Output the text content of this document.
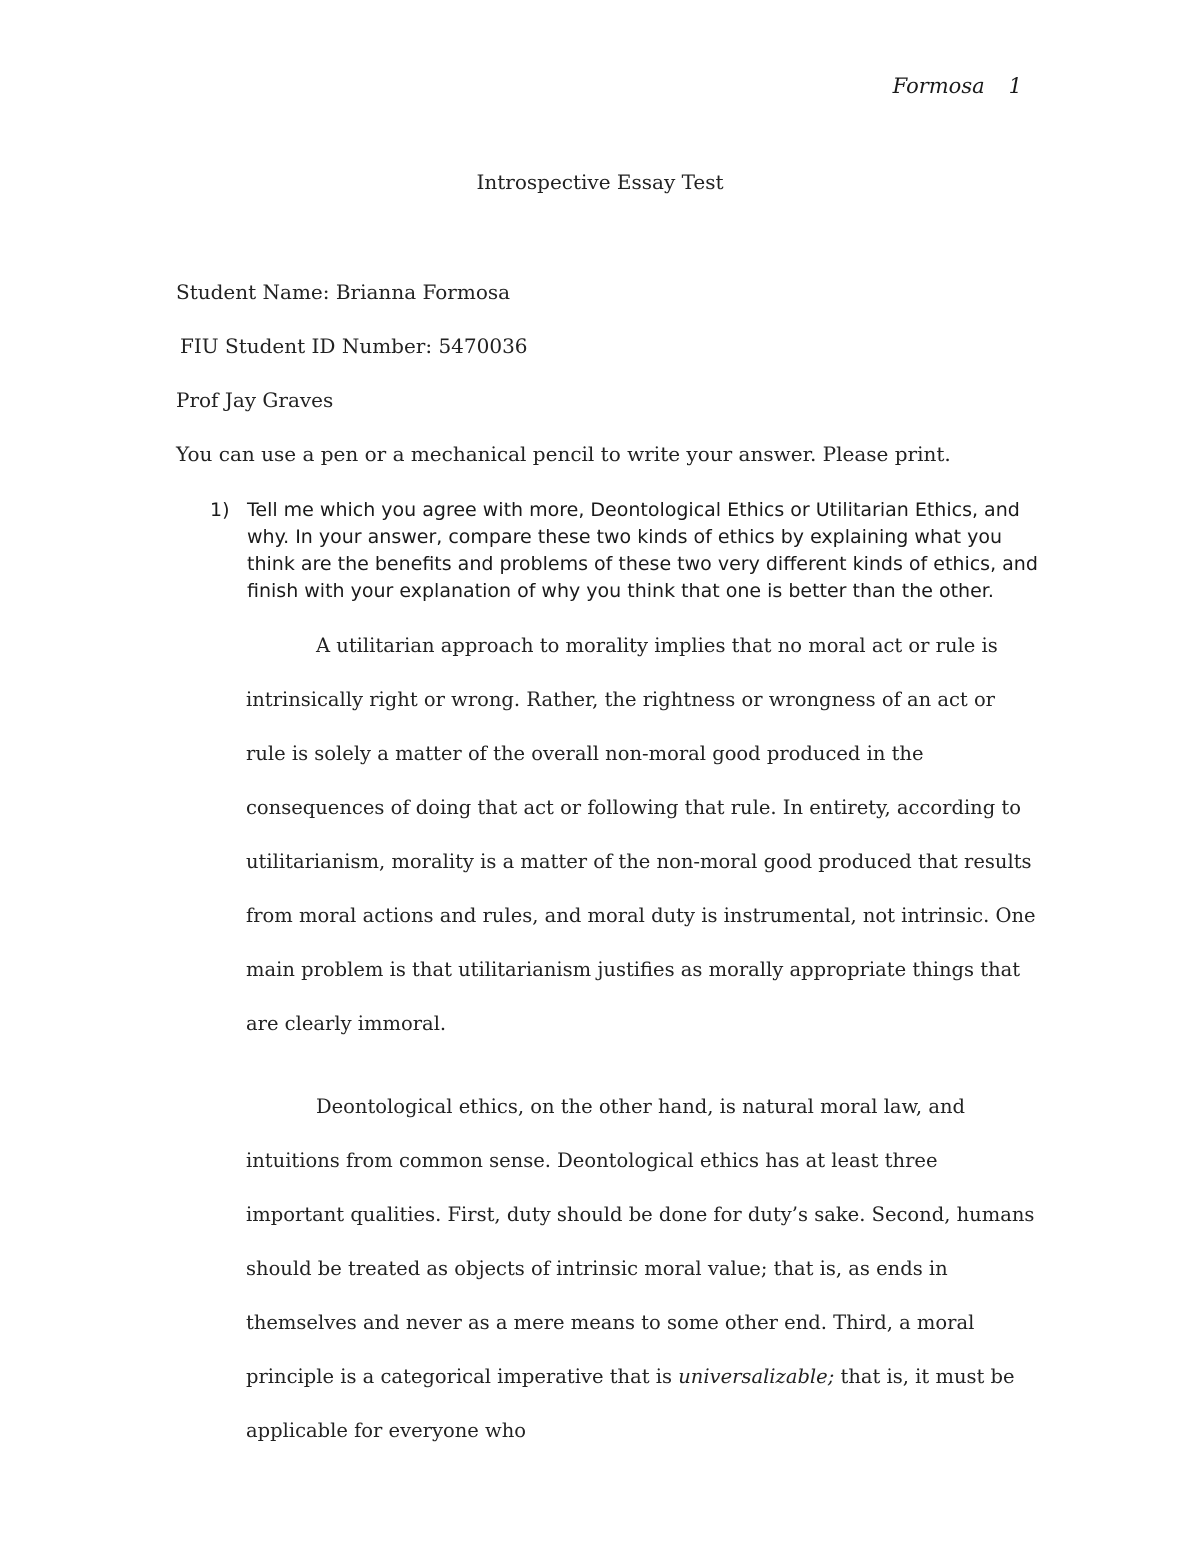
Formosa 1
Introspective Essay Test
Student Name: Brianna Formosa
FIU Student ID Number: 5470036
Prof Jay Graves
You can use a pen or a mechanical pencil to write your answer. Please print.
1) Tell me which you agree with more, Deontological Ethics or Utilitarian Ethics, and why. In your answer, compare these two kinds of ethics by explaining what you think are the benefits and problems of these two very different kinds of ethics, and finish with your explanation of why you think that one is better than the other.
A utilitarian approach to morality implies that no moral act or rule is intrinsically right or wrong. Rather, the rightness or wrongness of an act or rule is solely a matter of the overall non-moral good produced in the consequences of doing that act or following that rule. In entirety, according to utilitarianism, morality is a matter of the non-moral good produced that results from moral actions and rules, and moral duty is instrumental, not intrinsic. One main problem is that utilitarianism justifies as morally appropriate things that are clearly immoral.
Deontological ethics, on the other hand, is natural moral law, and intuitions from common sense. Deontological ethics has at least three important qualities. First, duty should be done for duty’s sake. Second, humans should be treated as objects of intrinsic moral value; that is, as ends in themselves and never as a mere means to some other end. Third, a moral principle is a categorical imperative that is universalizable; that is, it must be applicable for everyone who
